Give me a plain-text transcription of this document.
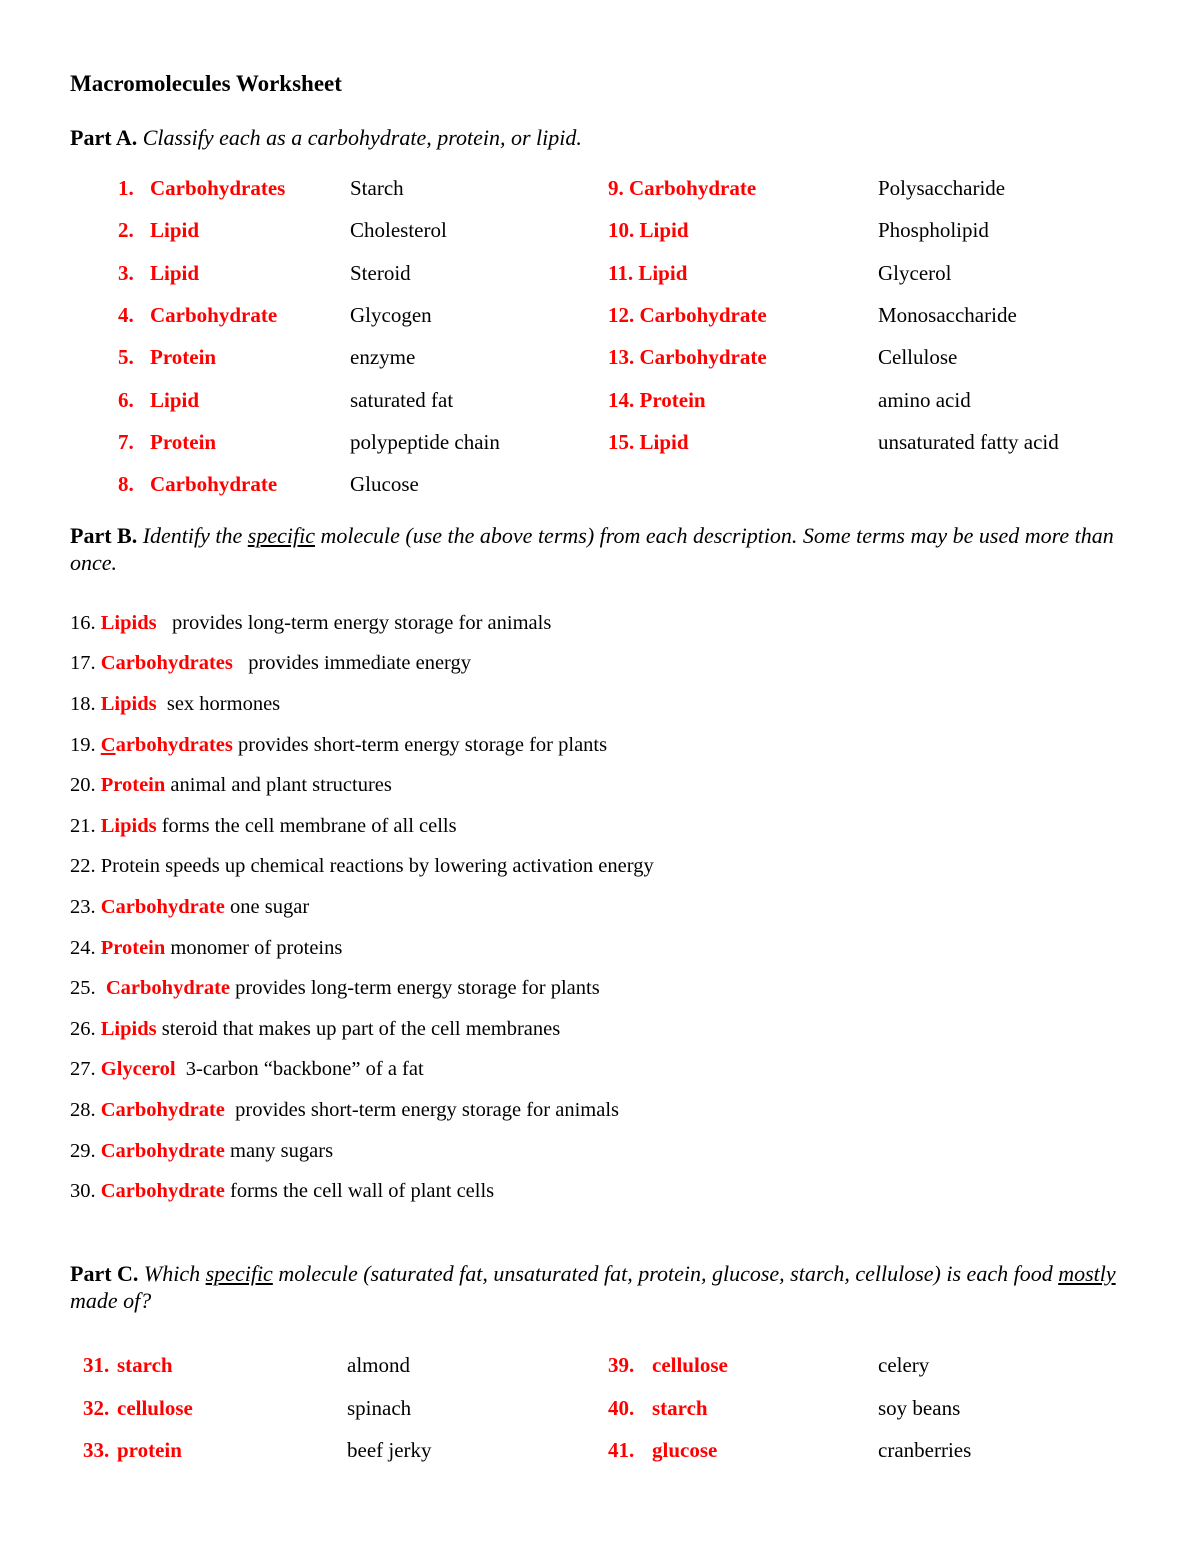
Macromolecules Worksheet
Part A. Classify each as a carbohydrate, protein, or lipid.
1. Carbohydrates	Starch
2. Lipid	Cholesterol
3. Lipid	Steroid
4. Carbohydrate	Glycogen
5. Protein	enzyme
6. Lipid	saturated fat
7. Protein	polypeptide chain
8. Carbohydrate	Glucose
9. Carbohydrate	Polysaccharide
10. Lipid	Phospholipid
11. Lipid	Glycerol
12. Carbohydrate	Monosaccharide
13. Carbohydrate	Cellulose
14. Protein	amino acid
15. Lipid	unsaturated fatty acid
Part B. Identify the specific molecule (use the above terms) from each description. Some terms may be used more than once.
16. Lipids   provides long-term energy storage for animals
17. Carbohydrates   provides immediate energy
18. Lipids  sex hormones
19. Carbohydrates provides short-term energy storage for plants
20. Protein animal and plant structures
21. Lipids forms the cell membrane of all cells
22. Protein speeds up chemical reactions by lowering activation energy
23. Carbohydrate one sugar
24. Protein monomer of proteins
25.  Carbohydrate provides long-term energy storage for plants
26. Lipids steroid that makes up part of the cell membranes
27. Glycerol  3-carbon “backbone” of a fat
28. Carbohydrate  provides short-term energy storage for animals
29. Carbohydrate many sugars
30. Carbohydrate forms the cell wall of plant cells
Part C. Which specific molecule (saturated fat, unsaturated fat, protein, glucose, starch, cellulose) is each food mostly made of?
31. starch	almond
32. cellulose	spinach
33. protein	beef jerky
39. cellulose	celery
40. starch	soy beans
41. glucose	cranberries
